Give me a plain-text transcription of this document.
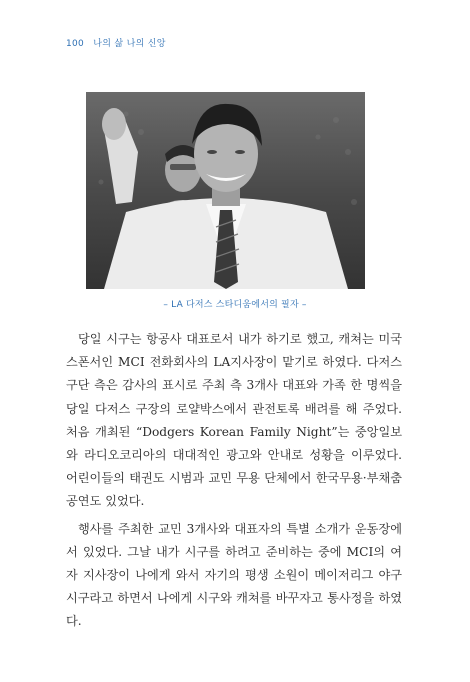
100 나의 삶 나의 신앙
– LA 다저스 스타디움에서의 필자 –

당일 시구는 항공사 대표로서 내가 하기로 했고, 캐쳐는 미국 스폰서인 MCI 전화회사의 LA지사장이 맡기로 하였다. 다저스 구단 측은 감사의 표시로 주최 측 3개사 대표와 가족 한 명씩을 당일 다저스 구장의 로얄박스에서 관전토록 배려를 해 주었다. 처음 개최된 “Dodgers Korean Family Night”는 중앙일보와 라디오코리아의 대대적인 광고와 안내로 성황을 이루었다. 어린이들의 태권도 시범과 교민 무용 단체에서 한국무용·부채춤 공연도 있었다.

행사를 주최한 교민 3개사와 대표자의 특별 소개가 운동장에서 있었다. 그날 내가 시구를 하려고 준비하는 중에 MCI의 여자 지사장이 나에게 와서 자기의 평생 소원이 메이저리그 야구 시구라고 하면서 나에게 시구와 캐쳐를 바꾸자고 통사정을 하였다.
